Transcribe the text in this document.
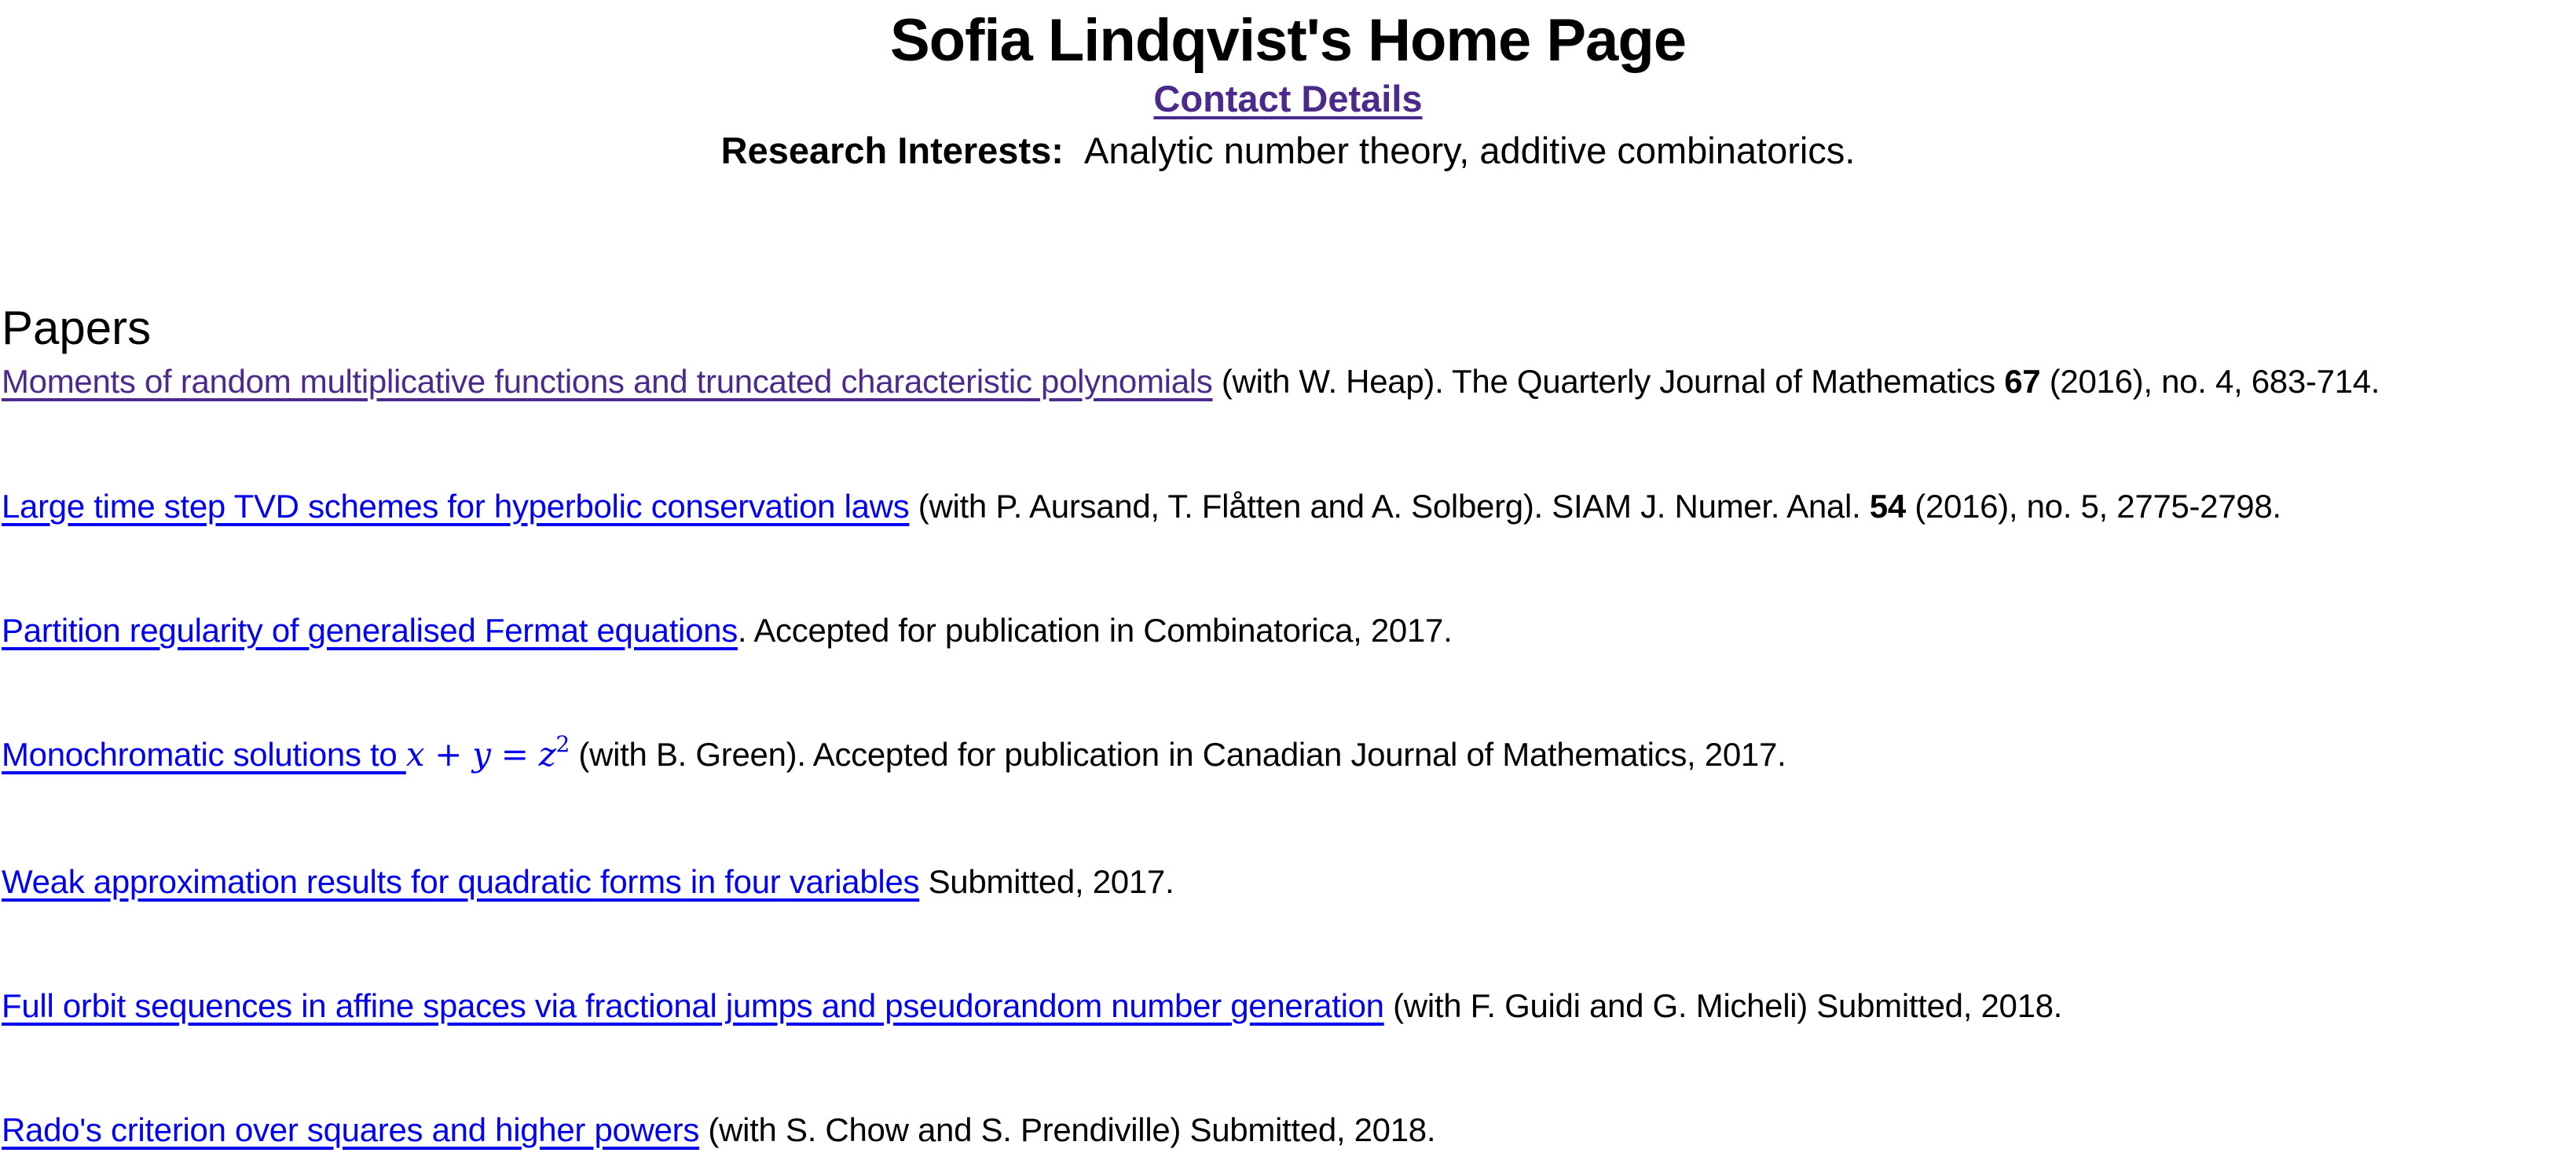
Sofia Lindqvist's Home Page
Contact Details
Research Interests: Analytic number theory, additive combinatorics.
Papers
Moments of random multiplicative functions and truncated characteristic polynomials (with W. Heap). The Quarterly Journal of Mathematics 67 (2016), no. 4, 683-714.
Large time step TVD schemes for hyperbolic conservation laws (with P. Aursand, T. Flåtten and A. Solberg). SIAM J. Numer. Anal. 54 (2016), no. 5, 2775-2798.
Partition regularity of generalised Fermat equations. Accepted for publication in Combinatorica, 2017.
Monochromatic solutions to $x + y = z^2$ (with B. Green). Accepted for publication in Canadian Journal of Mathematics, 2017.
Weak approximation results for quadratic forms in four variables Submitted, 2017.
Full orbit sequences in affine spaces via fractional jumps and pseudorandom number generation (with F. Guidi and G. Micheli) Submitted, 2018.
Rado's criterion over squares and higher powers (with S. Chow and S. Prendiville) Submitted, 2018.
